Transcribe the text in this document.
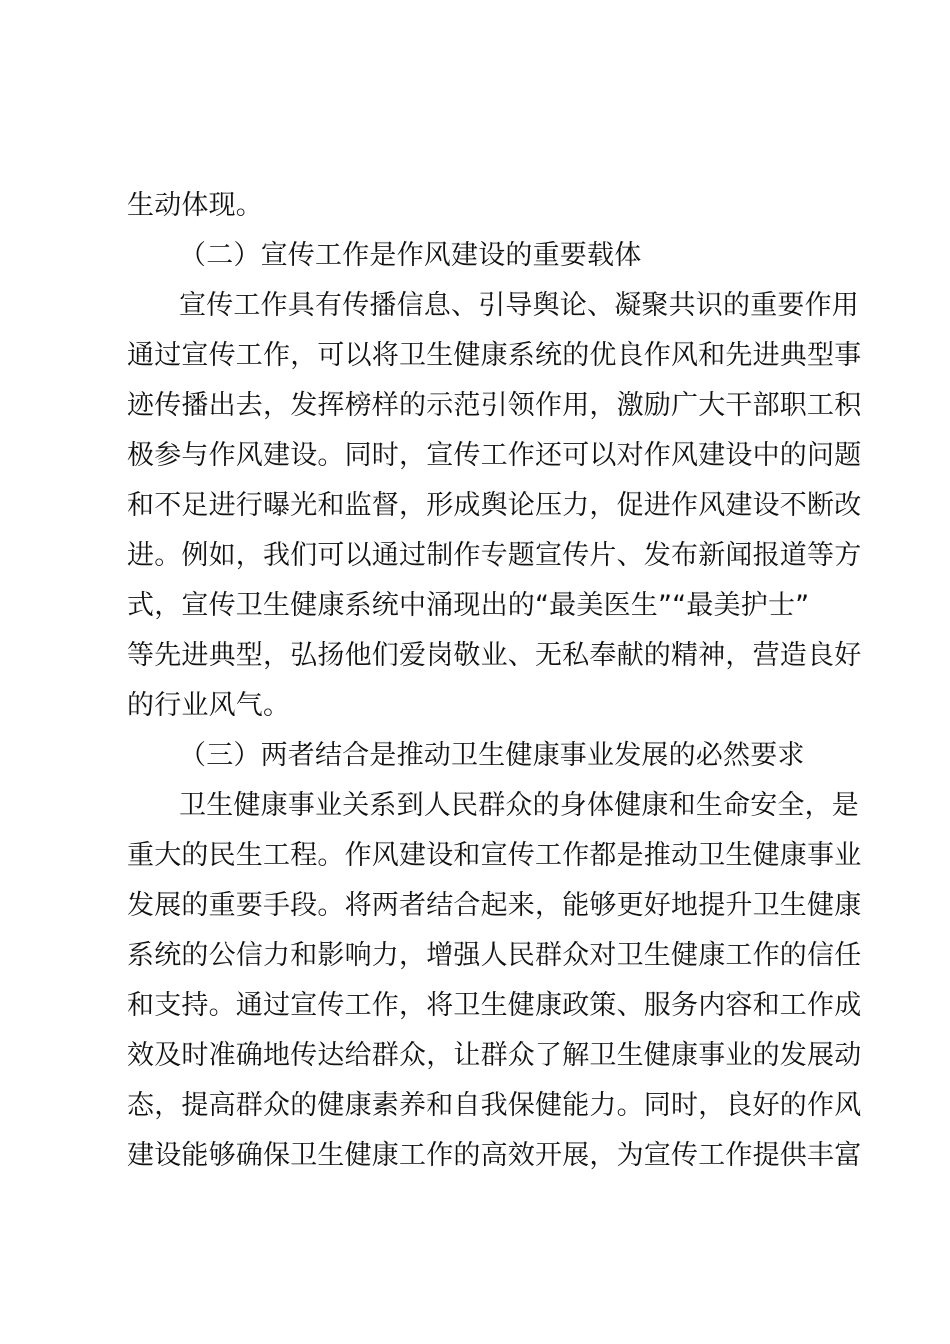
生动体现。
（二）宣传工作是作风建设的重要载体
宣传工作具有传播信息、引导舆论、凝聚共识的重要作用
通过宣传工作，可以将卫生健康系统的优良作风和先进典型事
迹传播出去，发挥榜样的示范引领作用，激励广大干部职工积
极参与作风建设。同时，宣传工作还可以对作风建设中的问题
和不足进行曝光和监督，形成舆论压力，促进作风建设不断改
进。例如，我们可以通过制作专题宣传片、发布新闻报道等方
式，宣传卫生健康系统中涌现出的“最美医生”“最美护士”
等先进典型，弘扬他们爱岗敬业、无私奉献的精神，营造良好
的行业风气。
（三）两者结合是推动卫生健康事业发展的必然要求
卫生健康事业关系到人民群众的身体健康和生命安全，是
重大的民生工程。作风建设和宣传工作都是推动卫生健康事业
发展的重要手段。将两者结合起来，能够更好地提升卫生健康
系统的公信力和影响力，增强人民群众对卫生健康工作的信任
和支持。通过宣传工作，将卫生健康政策、服务内容和工作成
效及时准确地传达给群众，让群众了解卫生健康事业的发展动
态，提高群众的健康素养和自我保健能力。同时，良好的作风
建设能够确保卫生健康工作的高效开展，为宣传工作提供丰富
